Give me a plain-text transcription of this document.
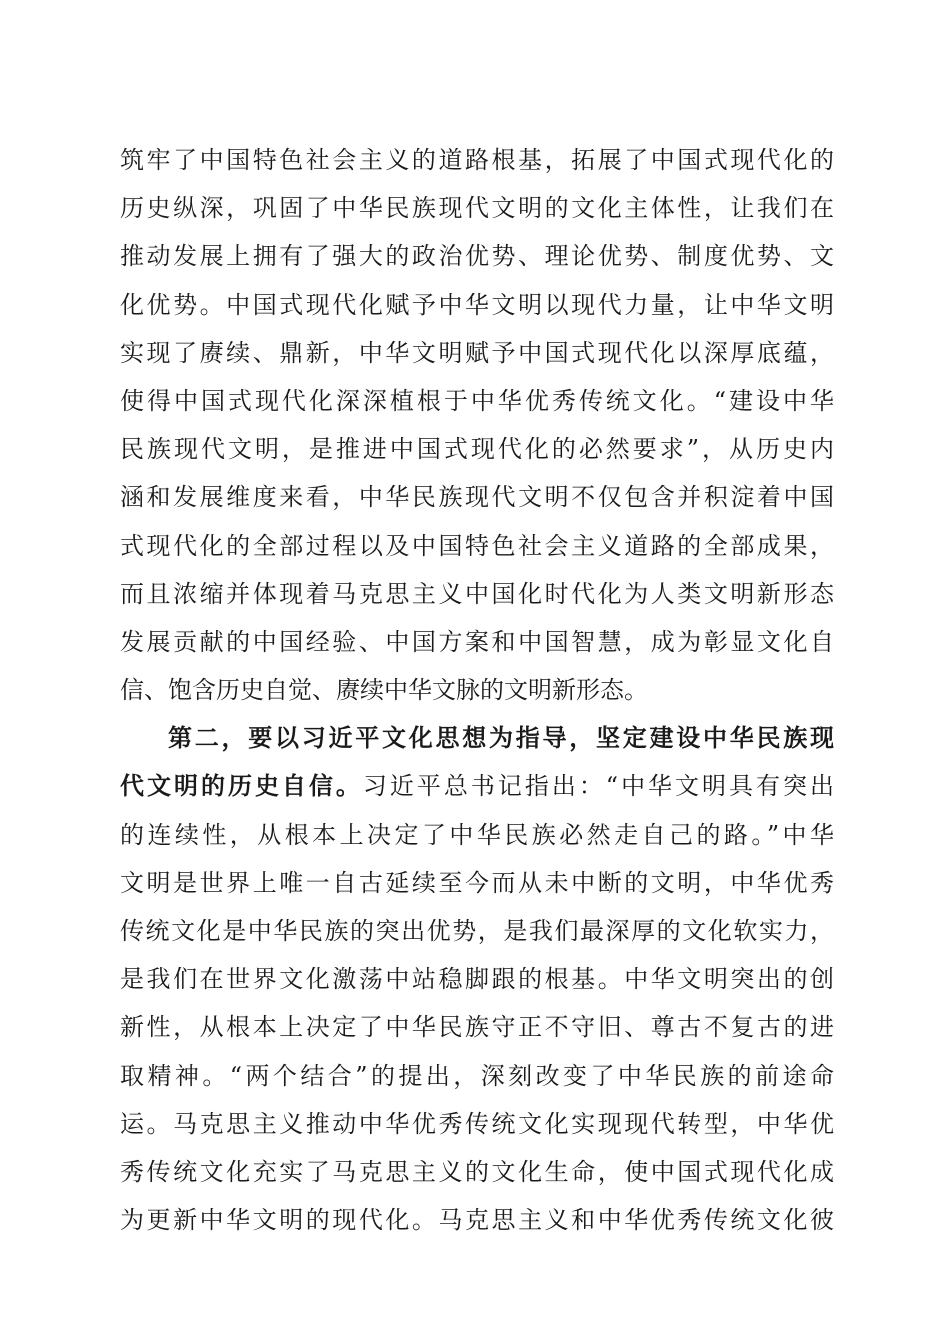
筑牢了中国特色社会主义的道路根基，拓展了中国式现代化的
历史纵深，巩固了中华民族现代文明的文化主体性，让我们在
推动发展上拥有了强大的政治优势、理论优势、制度优势、文
化优势。中国式现代化赋予中华文明以现代力量，让中华文明
实现了赓续、鼎新，中华文明赋予中国式现代化以深厚底蕴，
使得中国式现代化深深植根于中华优秀传统文化。“建设中华
民族现代文明，是推进中国式现代化的必然要求”，从历史内
涵和发展维度来看，中华民族现代文明不仅包含并积淀着中国
式现代化的全部过程以及中国特色社会主义道路的全部成果，
而且浓缩并体现着马克思主义中国化时代化为人类文明新形态
发展贡献的中国经验、中国方案和中国智慧，成为彰显文化自
信、饱含历史自觉、赓续中华文脉的文明新形态。
第二，要以习近平文化思想为指导，坚定建设中华民族现
代文明的历史自信。习近平总书记指出：“中华文明具有突出
的连续性，从根本上决定了中华民族必然走自己的路。”中华
文明是世界上唯一自古延续至今而从未中断的文明，中华优秀
传统文化是中华民族的突出优势，是我们最深厚的文化软实力，
是我们在世界文化激荡中站稳脚跟的根基。中华文明突出的创
新性，从根本上决定了中华民族守正不守旧、尊古不复古的进
取精神。“两个结合”的提出，深刻改变了中华民族的前途命
运。马克思主义推动中华优秀传统文化实现现代转型，中华优
秀传统文化充实了马克思主义的文化生命，使中国式现代化成
为更新中华文明的现代化。马克思主义和中华优秀传统文化彼
